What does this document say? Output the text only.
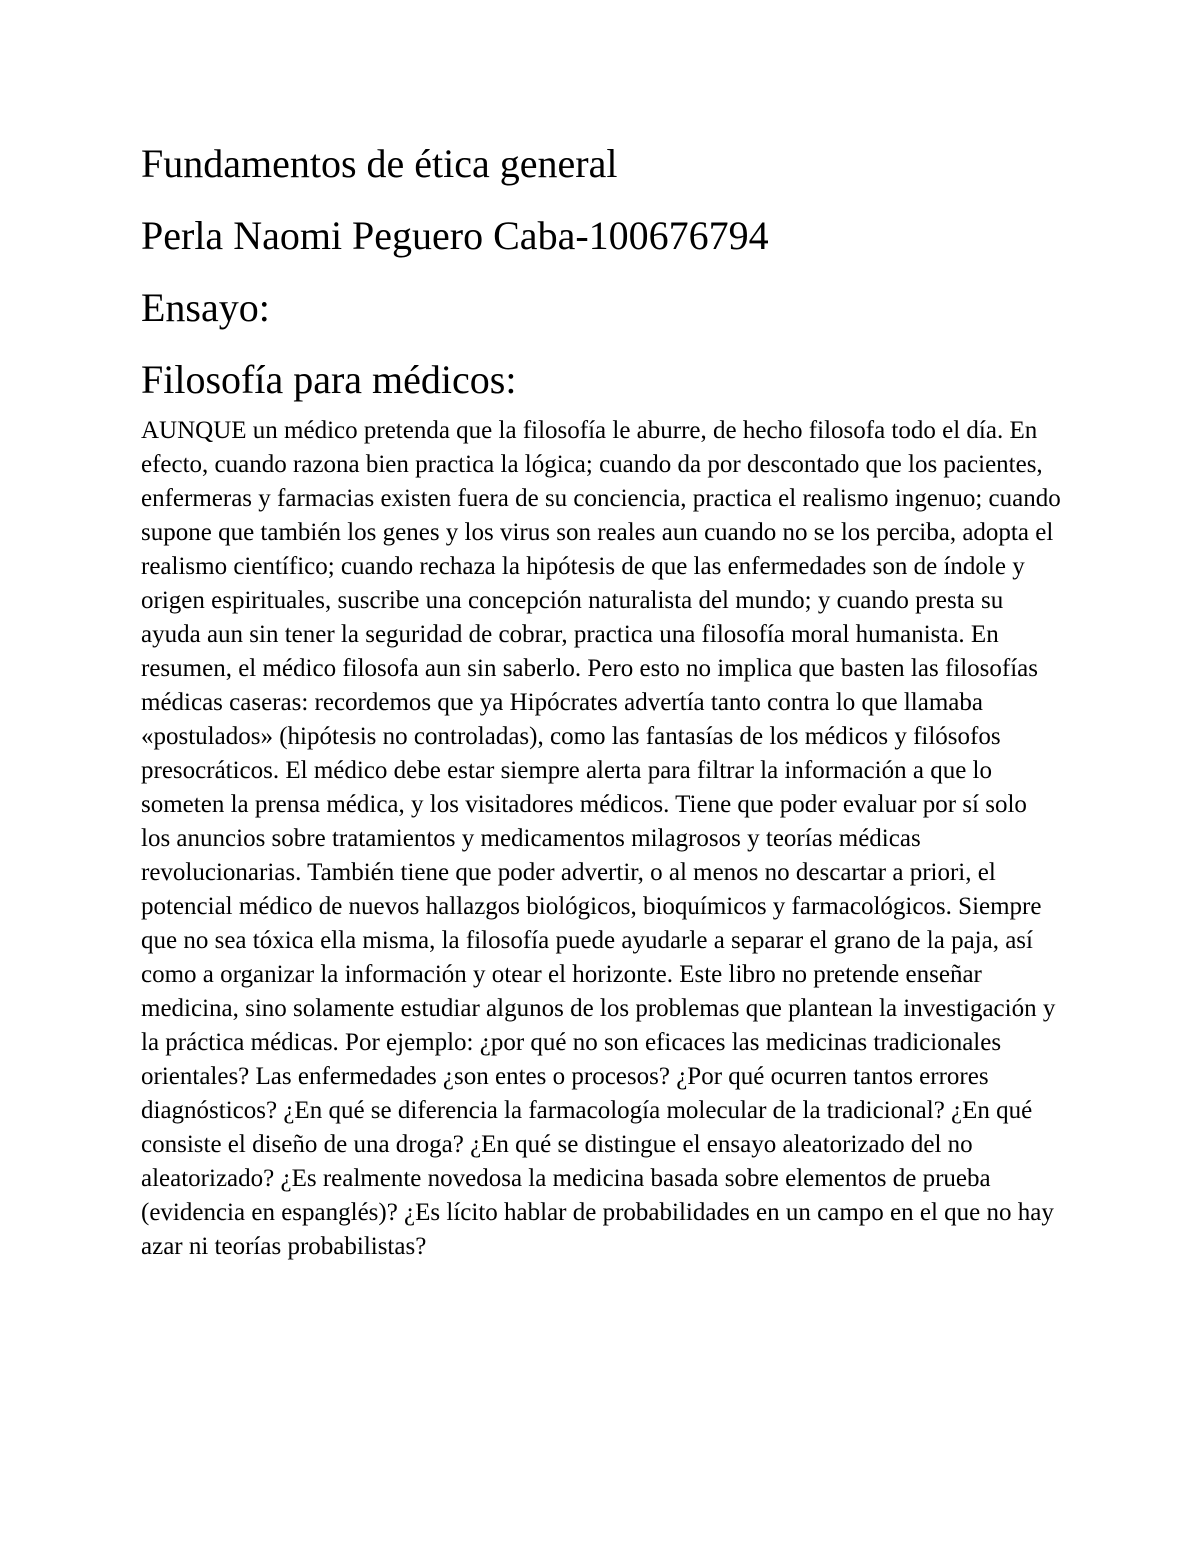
Fundamentos de ética general
Perla Naomi Peguero Caba-100676794
Ensayo:
Filosofía para médicos:

AUNQUE un médico pretenda que la filosofía le aburre, de hecho filosofa todo el día. En efecto, cuando razona bien practica la lógica; cuando da por descontado que los pacientes, enfermeras y farmacias existen fuera de su conciencia, practica el realismo ingenuo; cuando supone que también los genes y los virus son reales aun cuando no se los perciba, adopta el realismo científico; cuando rechaza la hipótesis de que las enfermedades son de índole y origen espirituales, suscribe una concepción naturalista del mundo; y cuando presta su ayuda aun sin tener la seguridad de cobrar, practica una filosofía moral humanista. En resumen, el médico filosofa aun sin saberlo. Pero esto no implica que basten las filosofías médicas caseras: recordemos que ya Hipócrates advertía tanto contra lo que llamaba «postulados» (hipótesis no controladas), como las fantasías de los médicos y filósofos presocráticos. El médico debe estar siempre alerta para filtrar la información a que lo someten la prensa médica, y los visitadores médicos. Tiene que poder evaluar por sí solo los anuncios sobre tratamientos y medicamentos milagrosos y teorías médicas revolucionarias. También tiene que poder advertir, o al menos no descartar a priori, el potencial médico de nuevos hallazgos biológicos, bioquímicos y farmacológicos. Siempre que no sea tóxica ella misma, la filosofía puede ayudarle a separar el grano de la paja, así como a organizar la información y otear el horizonte. Este libro no pretende enseñar medicina, sino solamente estudiar algunos de los problemas que plantean la investigación y la práctica médicas. Por ejemplo: ¿por qué no son eficaces las medicinas tradicionales orientales? Las enfermedades ¿son entes o procesos? ¿Por qué ocurren tantos errores diagnósticos? ¿En qué se diferencia la farmacología molecular de la tradicional? ¿En qué consiste el diseño de una droga? ¿En qué se distingue el ensayo aleatorizado del no aleatorizado? ¿Es realmente novedosa la medicina basada sobre elementos de prueba (evidencia en espanglés)? ¿Es lícito hablar de probabilidades en un campo en el que no hay azar ni teorías probabilistas?
